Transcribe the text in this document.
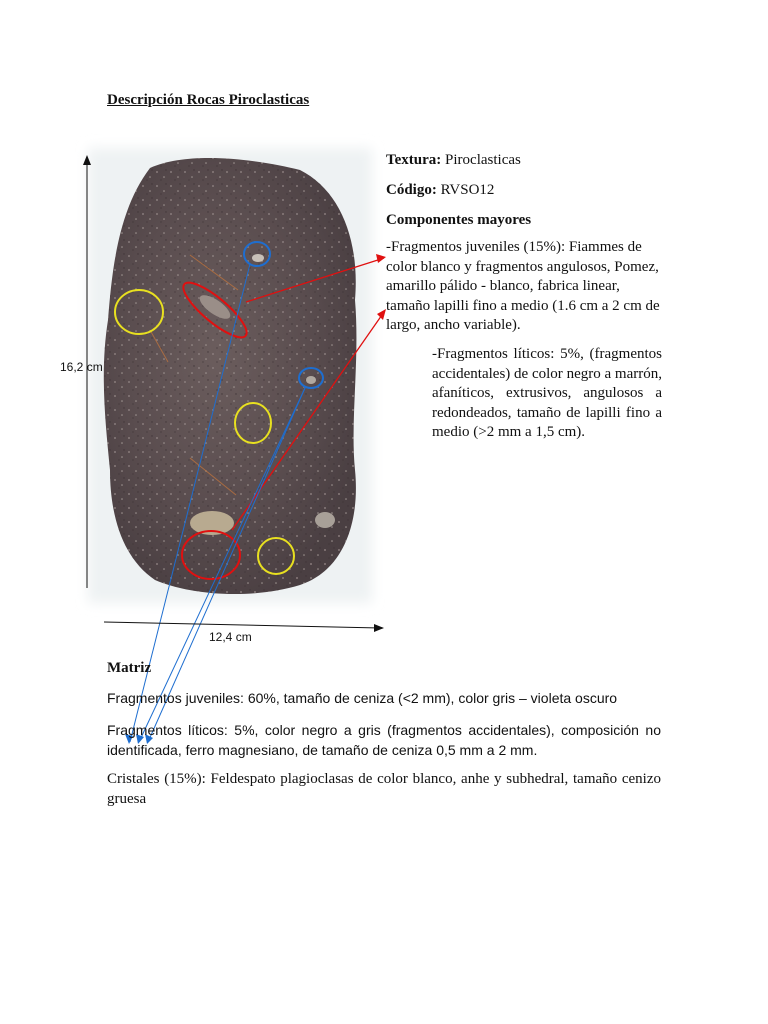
Descripción Rocas Piroclasticas
16,2 cm
12,4 cm
Textura: Piroclasticas
Código: RVSO12
Componentes mayores
-Fragmentos juveniles (15%): Fiammes de color blanco y fragmentos angulosos, Pomez, amarillo pálido - blanco, fabrica linear, tamaño lapilli fino a medio (1.6 cm a 2 cm de largo, ancho variable).
-Fragmentos líticos: 5%, (fragmentos accidentales) de color negro a marrón, afaníticos, extrusivos, angulosos a redondeados, tamaño de lapilli fino a medio (>2 mm a 1,5 cm).
Matriz
Fragmentos juveniles: 60%, tamaño de ceniza (<2 mm), color gris – violeta oscuro
Fragmentos líticos: 5%, color negro a gris (fragmentos accidentales), composición no identificada, ferro magnesiano, de tamaño de ceniza 0,5 mm a 2 mm.
Cristales (15%): Feldespato plagioclasas de color blanco, anhe y subhedral, tamaño cenizo gruesa
